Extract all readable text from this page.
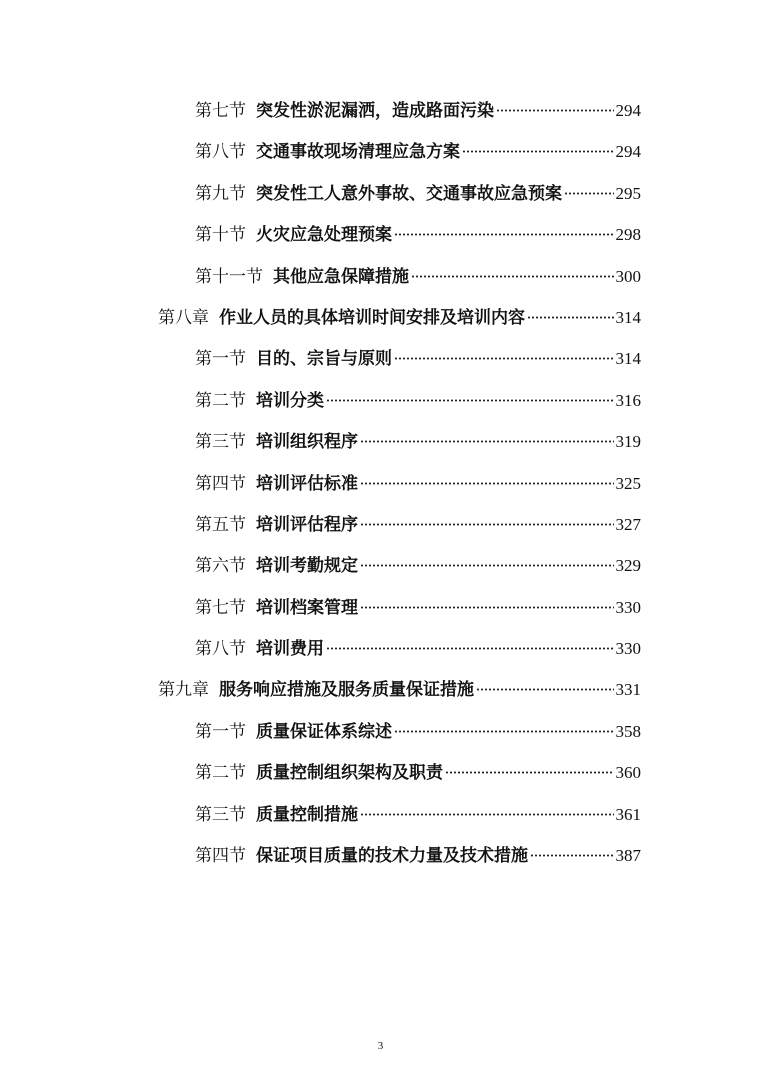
第七节 突发性淤泥漏洒，造成路面污染	294
第八节 交通事故现场清理应急方案	294
第九节 突发性工人意外事故、交通事故应急预案	295
第十节 火灾应急处理预案	298
第十一节 其他应急保障措施	300
第八章 作业人员的具体培训时间安排及培训内容	314
第一节 目的、宗旨与原则	314
第二节 培训分类	316
第三节 培训组织程序	319
第四节 培训评估标准	325
第五节 培训评估程序	327
第六节 培训考勤规定	329
第七节 培训档案管理	330
第八节 培训费用	330
第九章 服务响应措施及服务质量保证措施	331
第一节 质量保证体系综述	358
第二节 质量控制组织架构及职责	360
第三节 质量控制措施	361
第四节 保证项目质量的技术力量及技术措施	387
3
